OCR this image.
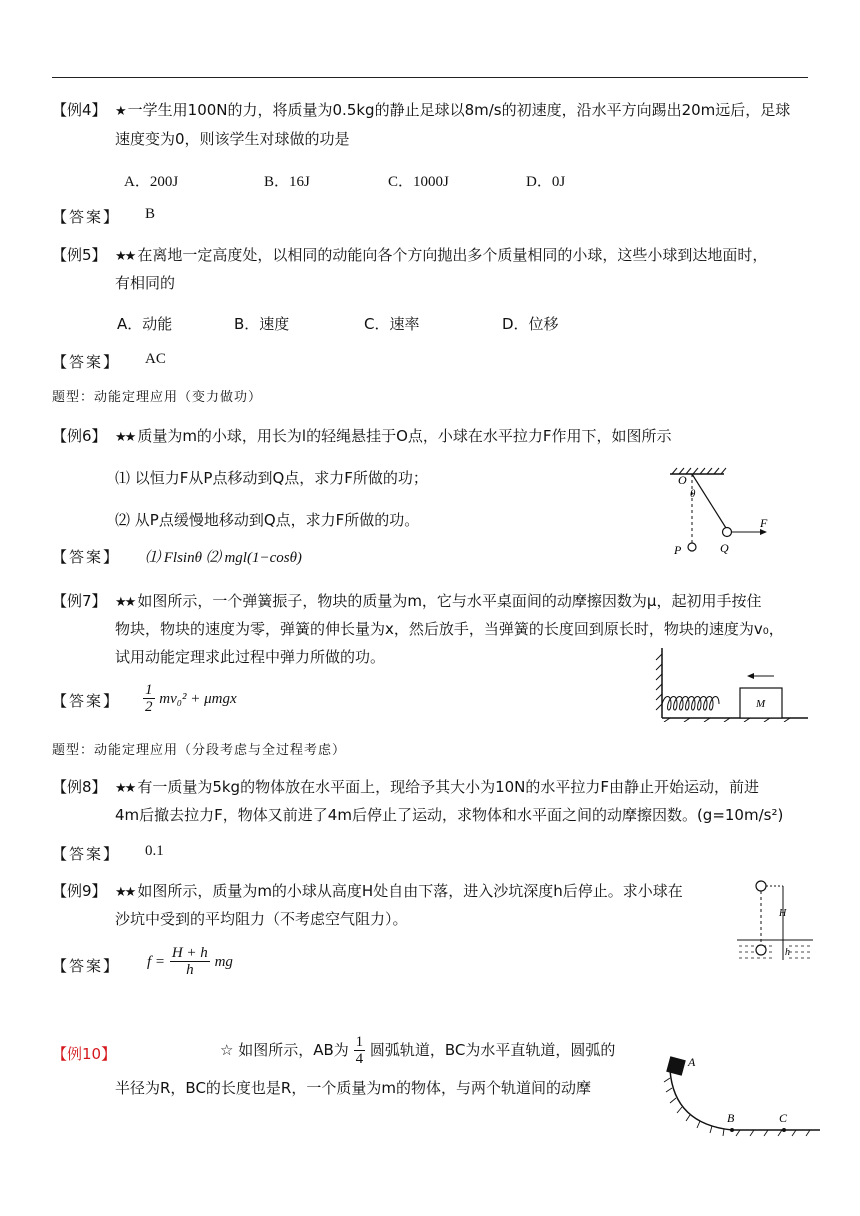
【例4】 ★ 一学生用100N的力，将质量为0.5kg的静止足球以8m/s的初速度，沿水平方向踢出20m远后，足球
速度变为0，则该学生对球做的功是
A．200J	B．16J	C．1000J	D．0J
【答案】 B
【例5】 ★★ 在离地一定高度处，以相同的动能向各个方向抛出多个质量相同的小球，这些小球到达地面时，
有相同的
A．动能	B．速度	C．速率	D．位移
【答案】 AC
题型：动能定理应用（变力做功）
【例6】 ★★ 质量为m的小球，用长为l的轻绳悬挂于O点，小球在水平拉力F作用下，如图所示
⑴ 以恒力F从P点移动到Q点，求力F所做的功；
⑵ 从P点缓慢地移动到Q点，求力F所做的功。
【答案】 ⑴ Flsinθ ⑵ mgl(1−cosθ)
O
θ
F
P	Q
【例7】 ★★ 如图所示，一个弹簧振子，物块的质量为m，它与水平桌面间的动摩擦因数为μ，起初用手按住
物块，物块的速度为零，弹簧的伸长量为x，然后放手，当弹簧的长度回到原长时，物块的速度为v₀，
试用动能定理求此过程中弹力所做的功。
【答案】 $\frac{1}{2} mv_0^2 + \mu mgx$	M
题型：动能定理应用（分段考虑与全过程考虑）
【例8】 ★★ 有一质量为5kg的物体放在水平面上，现给予其大小为10N的水平拉力F由静止开始运动，前进
4m后撤去拉力F，物体又前进了4m后停止了运动，求物体和水平面之间的动摩擦因数。(g=10m/s²)
【答案】 0.1
【例9】 ★★ 如图所示，质量为m的小球从高度H处自由下落，进入沙坑深度h后停止。求小球在
沙坑中受到的平均阻力（不考虑空气阻力）。
【答案】 $f = \frac{H + h}{h}$ mg
H
h
【例10】	☆ 如图所示，AB为 $\frac{1}{4}$ 圆弧轨道，BC为水平直轨道，圆弧的
半径为R，BC的长度也是R，一个质量为m的物体，与两个轨道间的动摩
A
B	C
